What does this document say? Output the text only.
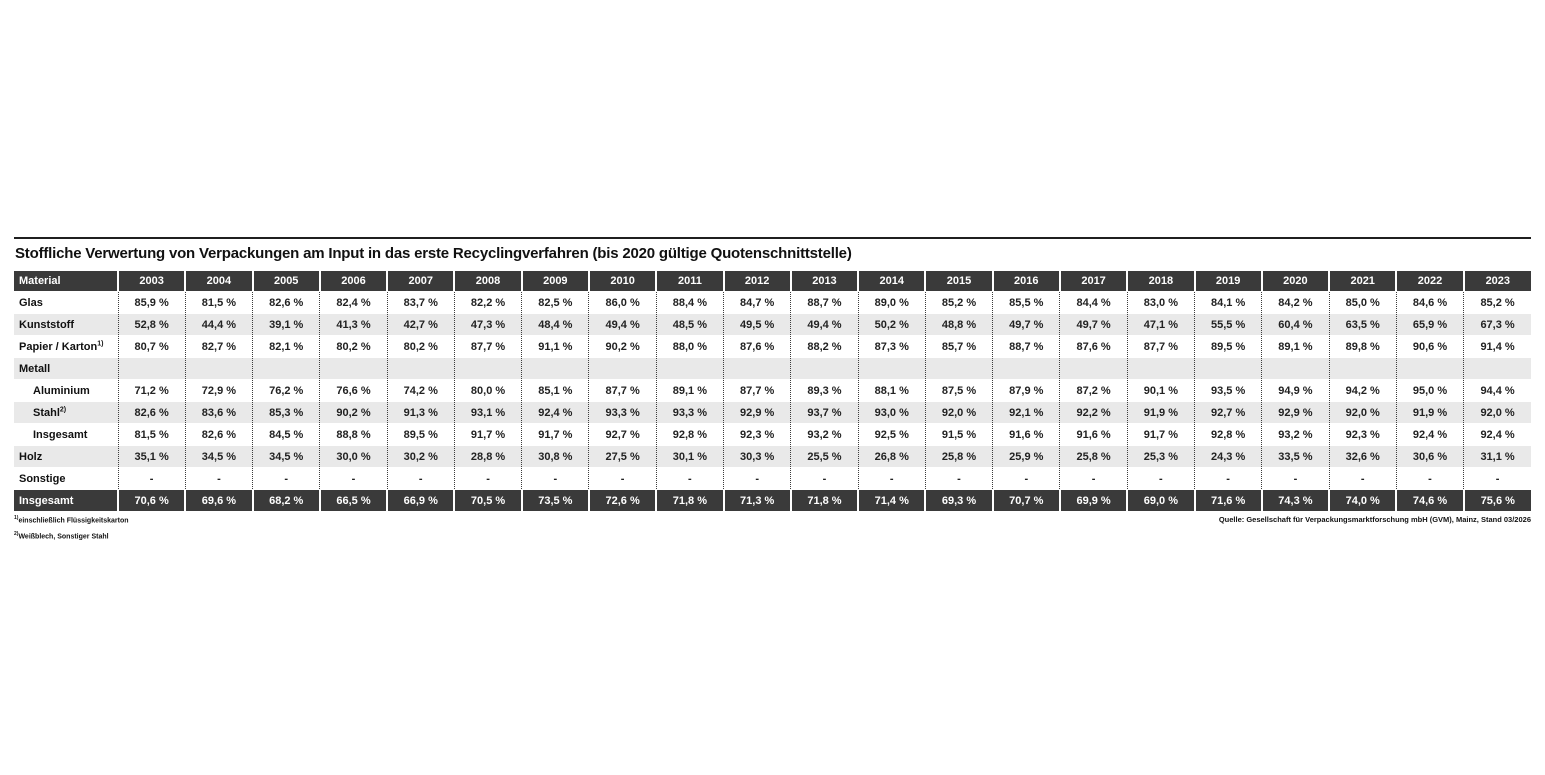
Stoffliche Verwertung von Verpackungen am Input in das erste Recyclingverfahren (bis 2020 gültige Quotenschnittstelle)
Material	2003	2004	2005	2006	2007	2008	2009	2010	2011	2012	2013	2014	2015	2016	2017	2018	2019	2020	2021	2022	2023
Glas	85,9 %	81,5 %	82,6 %	82,4 %	83,7 %	82,2 %	82,5 %	86,0 %	88,4 %	84,7 %	88,7 %	89,0 %	85,2 %	85,5 %	84,4 %	83,0 %	84,1 %	84,2 %	85,0 %	84,6 %	85,2 %
Kunststoff	52,8 %	44,4 %	39,1 %	41,3 %	42,7 %	47,3 %	48,4 %	49,4 %	48,5 %	49,5 %	49,4 %	50,2 %	48,8 %	49,7 %	49,7 %	47,1 %	55,5 %	60,4 %	63,5 %	65,9 %	67,3 %
Papier / Karton$^{1)}$	80,7 %	82,7 %	82,1 %	80,2 %	80,2 %	87,7 %	91,1 %	90,2 %	88,0 %	87,6 %	88,2 %	87,3 %	85,7 %	88,7 %	87,6 %	87,7 %	89,5 %	89,1 %	89,8 %	90,6 %	91,4 %
Metall																					
Aluminium	71,2 %	72,9 %	76,2 %	76,6 %	74,2 %	80,0 %	85,1 %	87,7 %	89,1 %	87,7 %	89,3 %	88,1 %	87,5 %	87,9 %	87,2 %	90,1 %	93,5 %	94,9 %	94,2 %	95,0 %	94,4 %
Stahl$^{2)}$	82,6 %	83,6 %	85,3 %	90,2 %	91,3 %	93,1 %	92,4 %	93,3 %	93,3 %	92,9 %	93,7 %	93,0 %	92,0 %	92,1 %	92,2 %	91,9 %	92,7 %	92,9 %	92,0 %	91,9 %	92,0 %
Insgesamt	81,5 %	82,6 %	84,5 %	88,8 %	89,5 %	91,7 %	91,7 %	92,7 %	92,8 %	92,3 %	93,2 %	92,5 %	91,5 %	91,6 %	91,6 %	91,7 %	92,8 %	93,2 %	92,3 %	92,4 %	92,4 %
Holz	35,1 %	34,5 %	34,5 %	30,0 %	30,2 %	28,8 %	30,8 %	27,5 %	30,1 %	30,3 %	25,5 %	26,8 %	25,8 %	25,9 %	25,8 %	25,3 %	24,3 %	33,5 %	32,6 %	30,6 %	31,1 %
Sonstige	-	-	-	-	-	-	-	-	-	-	-	-	-	-	-	-	-	-	-	-	-
Insgesamt	70,6 %	69,6 %	68,2 %	66,5 %	66,9 %	70,5 %	73,5 %	72,6 %	71,8 %	71,3 %	71,8 %	71,4 %	69,3 %	70,7 %	69,9 %	69,0 %	71,6 %	74,3 %	74,0 %	74,6 %	75,6 %
$^{1)}$einschließlich Flüssigkeitskarton
$^{2)}$Weißblech, Sonstiger Stahl
Quelle: Gesellschaft für Verpackungsmarktforschung mbH (GVM), Mainz, Stand 03/2026
